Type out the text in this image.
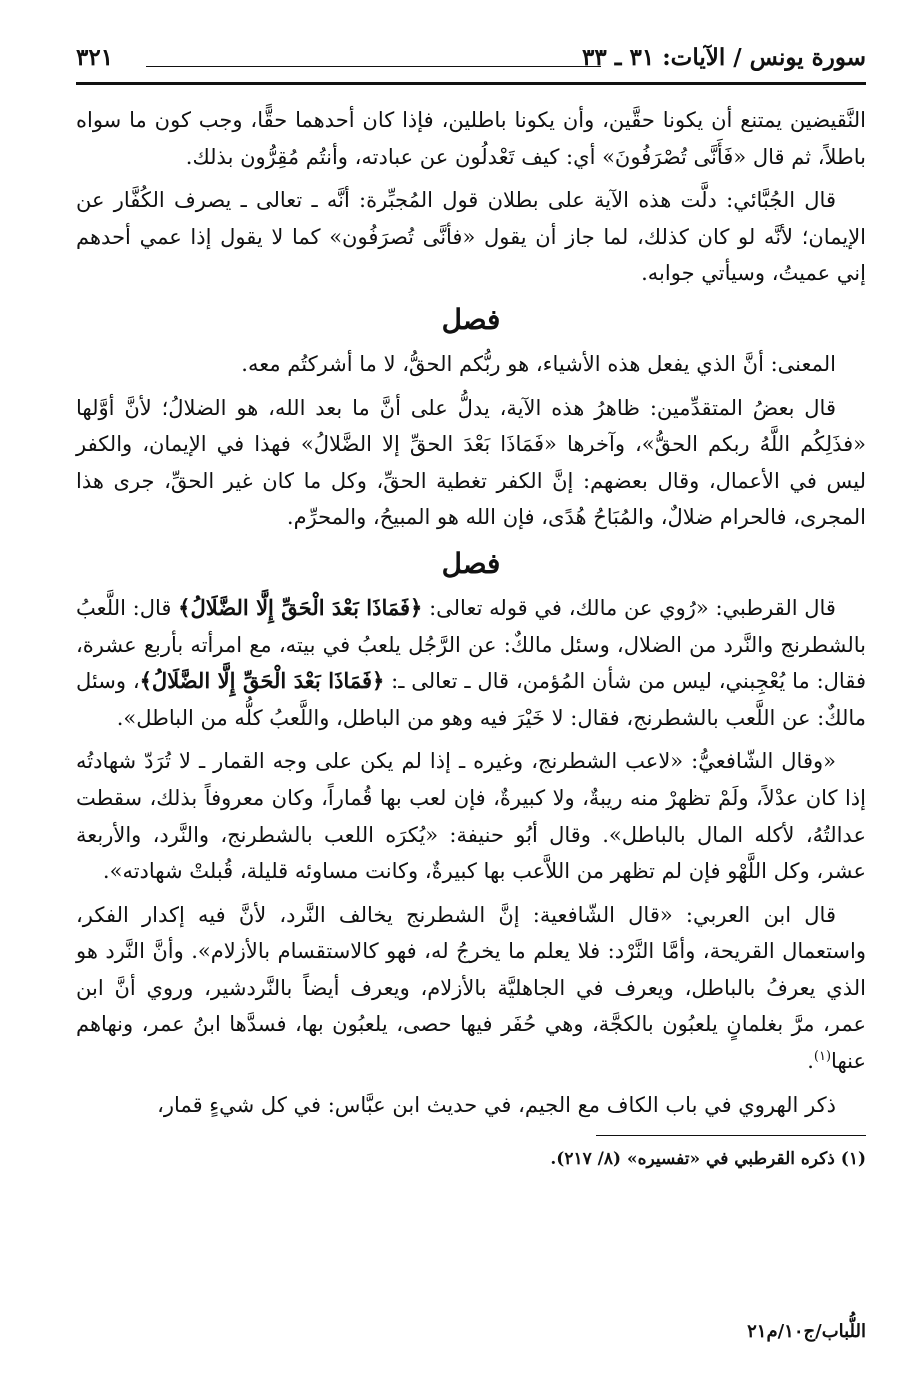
سورة يونس / الآيات: ٣١ ـ ٣٣
٣٢١

النَّقيضين يمتنع أن يكونا حقَّين، وأن يكونا باطلين، فإذا كان أحدهما حقًّا، وجب كون ما سواه باطلاً، ثم قال «فَأَنَّى تُصْرَفُونَ» أي: كيف تَعْدلُون عن عبادته، وأنتُم مُقِرُّون بذلك.

قال الجُبَّائي: دلَّت هذه الآية على بطلان قول المُجبِّرة: أنَّه ـ تعالى ـ يصرف الكُفَّار عن الإيمان؛ لأنَّه لو كان كذلك، لما جاز أن يقول «فأنَّى تُصرَفُون» كما لا يقول إذا عمي أحدهم إني عميتُ، وسيأتي جوابه.

فصل

المعنى: أنَّ الذي يفعل هذه الأشياء، هو ربُّكم الحقُّ، لا ما أشركتُم معه.

قال بعضُ المتقدِّمين: ظاهرُ هذه الآية، يدلُّ على أنَّ ما بعد الله، هو الضلالُ؛ لأنَّ أوَّلها «فذَلِكُم اللَّهُ ربكم الحقُّ»، وآخرها «فَمَاذَا بَعْدَ الحقِّ إلا الضَّلالُ» فهذا في الإيمان، والكفر ليس في الأعمال، وقال بعضهم: إنَّ الكفر تغطية الحقِّ، وكل ما كان غير الحقِّ، جرى هذا المجرى، فالحرام ضلالٌ، والمُبَاحُ هُدًى، فإن الله هو المبيحُ، والمحرِّم.

فصل

قال القرطبي: «رُوي عن مالك، في قوله تعالى: ﴿فَمَاذَا بَعْدَ الْحَقِّ إِلَّا الضَّلَالُ﴾ قال: اللَّعبُ بالشطرنج والنَّرد من الضلال، وسئل مالكٌ: عن الرَّجُل يلعبُ في بيته، مع امرأته بأربع عشرة، فقال: ما يُعْجِبني، ليس من شأن المُؤمن، قال ـ تعالى ـ: ﴿فَمَاذَا بَعْدَ الْحَقِّ إِلَّا الضَّلَالُ﴾، وسئل مالكٌ: عن اللَّعب بالشطرنج، فقال: لا خَيْرَ فيه وهو من الباطل، واللَّعبُ كلُّه من الباطل».

«وقال الشّافعيُّ: «لاعب الشطرنج، وغيره ـ إذا لم يكن على وجه القمار ـ لا تُرَدّ شهادتُه إذا كان عدْلاً، ولَمْ تظهرْ منه ريبةٌ، ولا كبيرةٌ، فإن لعب بها قُماراً، وكان معروفاً بذلك، سقطت عدالتُهُ، لأكله المال بالباطل». وقال أبُو حنيفة: «يُكرَه اللعب بالشطرنج، والنَّرد، والأربعة عشر، وكل اللَّهْو فإن لم تظهر من اللاَّعب بها كبيرةٌ، وكانت مساوئه قليلة، قُبلتْ شهادته».

قال ابن العربي: «قال الشّافعية: إنَّ الشطرنج يخالف النَّرد، لأنَّ فيه إكدار الفكر، واستعمال القريحة، وأمَّا النَّرْد: فلا يعلم ما يخرجُ له، فهو كالاستقسام بالأزلام». وأنَّ النَّرد هو الذي يعرفُ بالباطل، ويعرف في الجاهليَّة بالأزلام، ويعرف أيضاً بالنَّردشير، وروي أنَّ ابن عمر، مرَّ بغلمانٍ يلعبُون بالكجَّة، وهي حُفَر فيها حصى، يلعبُون بها، فسدَّها ابنُ عمر، ونهاهم عنها$^{(١)}$.

ذكر الهروي في باب الكاف مع الجيم، في حديث ابن عبَّاس: في كل شيءٍ قمار،

(١) ذكره القرطبي في «تفسيره» (٨/ ٢١٧).
اللُّباب/ج١٠/م٢١
